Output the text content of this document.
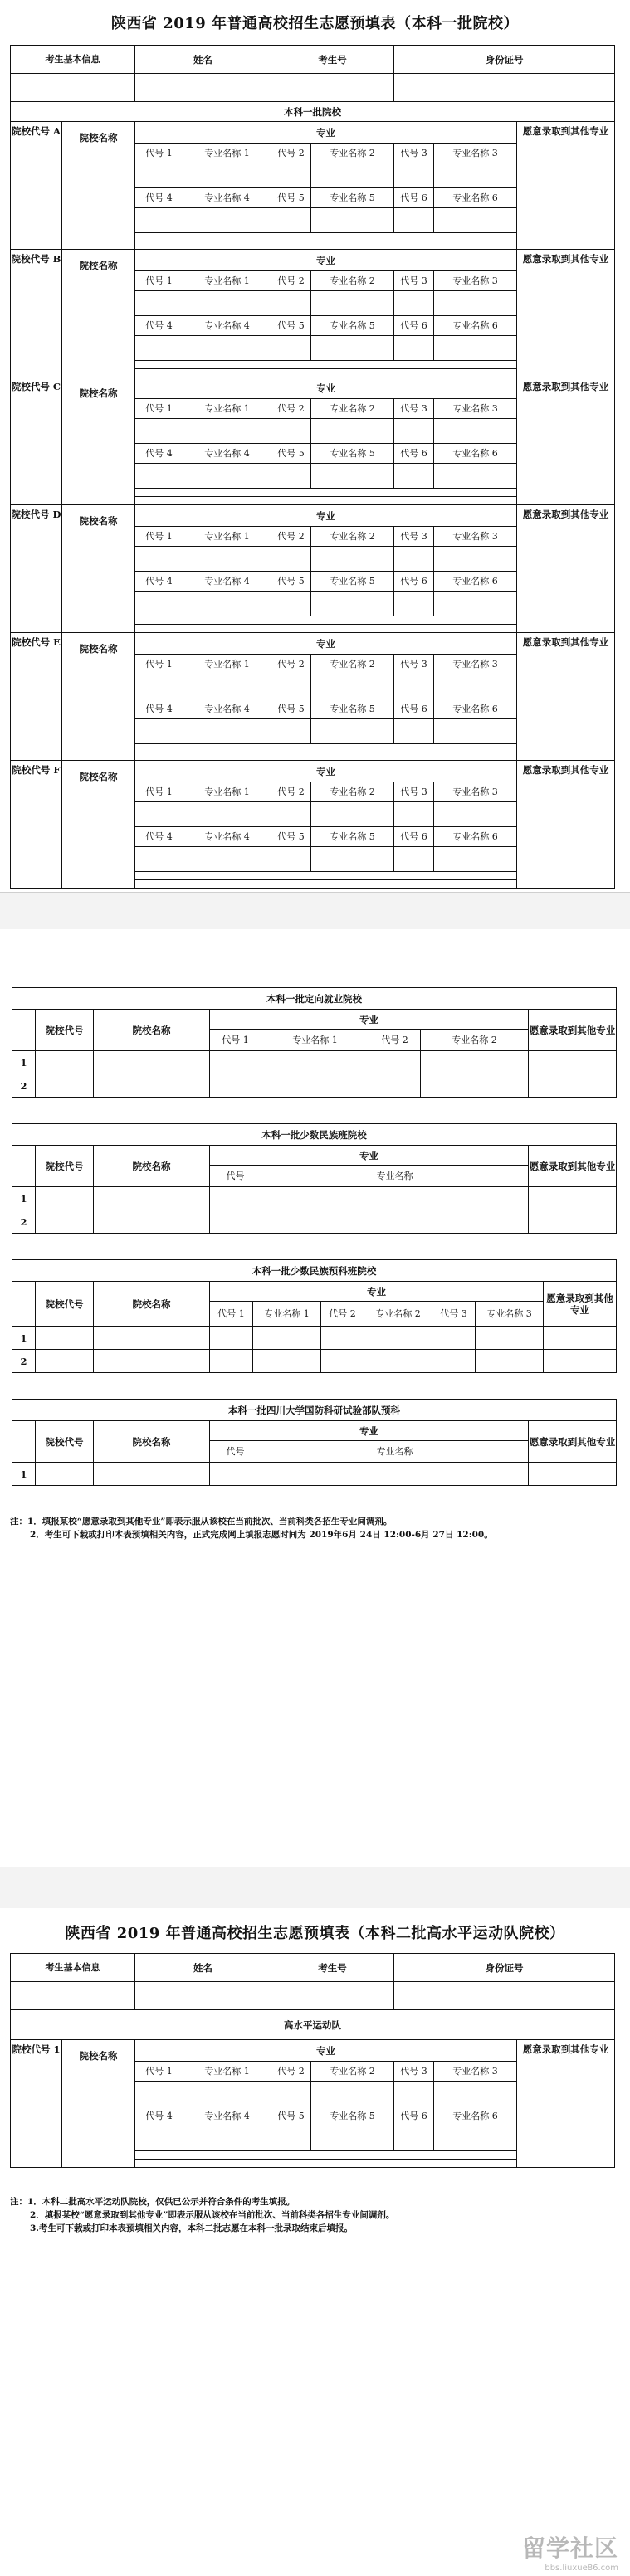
陕西省 2019 年普通高校招生志愿预填表（本科一批院校）
考生基本信息		姓名		考生号		身份证号		

本科一批院校								
院校代号 A	院校名称	专业						愿意录取到其他专业
		代号 1	专业名称 1	代号 2	专业名称 2	代号 3	专业名称 3	

		代号 4	专业名称 4	代号 5	专业名称 5	代号 6	专业名称 6	

院校代号 B	院校名称	专业						愿意录取到其他专业
		代号 1	专业名称 1	代号 2	专业名称 2	代号 3	专业名称 3	

		代号 4	专业名称 4	代号 5	专业名称 5	代号 6	专业名称 6	

院校代号 C	院校名称	专业						愿意录取到其他专业
		代号 1	专业名称 1	代号 2	专业名称 2	代号 3	专业名称 3	

		代号 4	专业名称 4	代号 5	专业名称 5	代号 6	专业名称 6	

院校代号 D	院校名称	专业						愿意录取到其他专业
		代号 1	专业名称 1	代号 2	专业名称 2	代号 3	专业名称 3	

		代号 4	专业名称 4	代号 5	专业名称 5	代号 6	专业名称 6	

院校代号 E	院校名称	专业						愿意录取到其他专业
		代号 1	专业名称 1	代号 2	专业名称 2	代号 3	专业名称 3	

		代号 4	专业名称 4	代号 5	专业名称 5	代号 6	专业名称 6	

院校代号 F	院校名称	专业						愿意录取到其他专业
		代号 1	专业名称 1	代号 2	专业名称 2	代号 3	专业名称 3	

		代号 4	专业名称 4	代号 5	专业名称 5	代号 6	专业名称 6	

本科一批定向就业院校							
	院校代号	院校名称	专业				愿意录取到其他专业
			代号 1	专业名称 1	代号 2	专业名称 2	
1							
2							
本科一批少数民族班院校					
	院校代号	院校名称	专业		愿意录取到其他专业
			代号	专业名称	
1					
2					
本科一批少数民族预科班院校									
	院校代号	院校名称	专业						愿意录取到其他专业
			代号 1	专业名称 1	代号 2	专业名称 2	代号 3	专业名称 3	
1									
2									
本科一批四川大学国防科研试验部队预科					
	院校代号	院校名称	专业		愿意录取到其他专业
			代号	专业名称	
1					
注：1．填报某校“愿意录取到其他专业”即表示服从该校在当前批次、当前科类各招生专业间调剂。
2．考生可下载或打印本表预填相关内容，正式完成网上填报志愿时间为 2019年6月 24日 12:00-6月 27日 12:00。
陕西省 2019 年普通高校招生志愿预填表（本科二批高水平运动队院校）
考生基本信息		姓名		考生号		身份证号		

高水平运动队								
院校代号 1	院校名称	专业						愿意录取到其他专业
		代号 1	专业名称 1	代号 2	专业名称 2	代号 3	专业名称 3	

		代号 4	专业名称 4	代号 5	专业名称 5	代号 6	专业名称 6	

注：1．本科二批高水平运动队院校，仅供已公示并符合条件的考生填报。
2．填报某校“愿意录取到其他专业”即表示服从该校在当前批次、当前科类各招生专业间调剂。
3.考生可下载或打印本表预填相关内容，本科二批志愿在本科一批录取结束后填报。
留学社区
bbs.liuxue86.com
